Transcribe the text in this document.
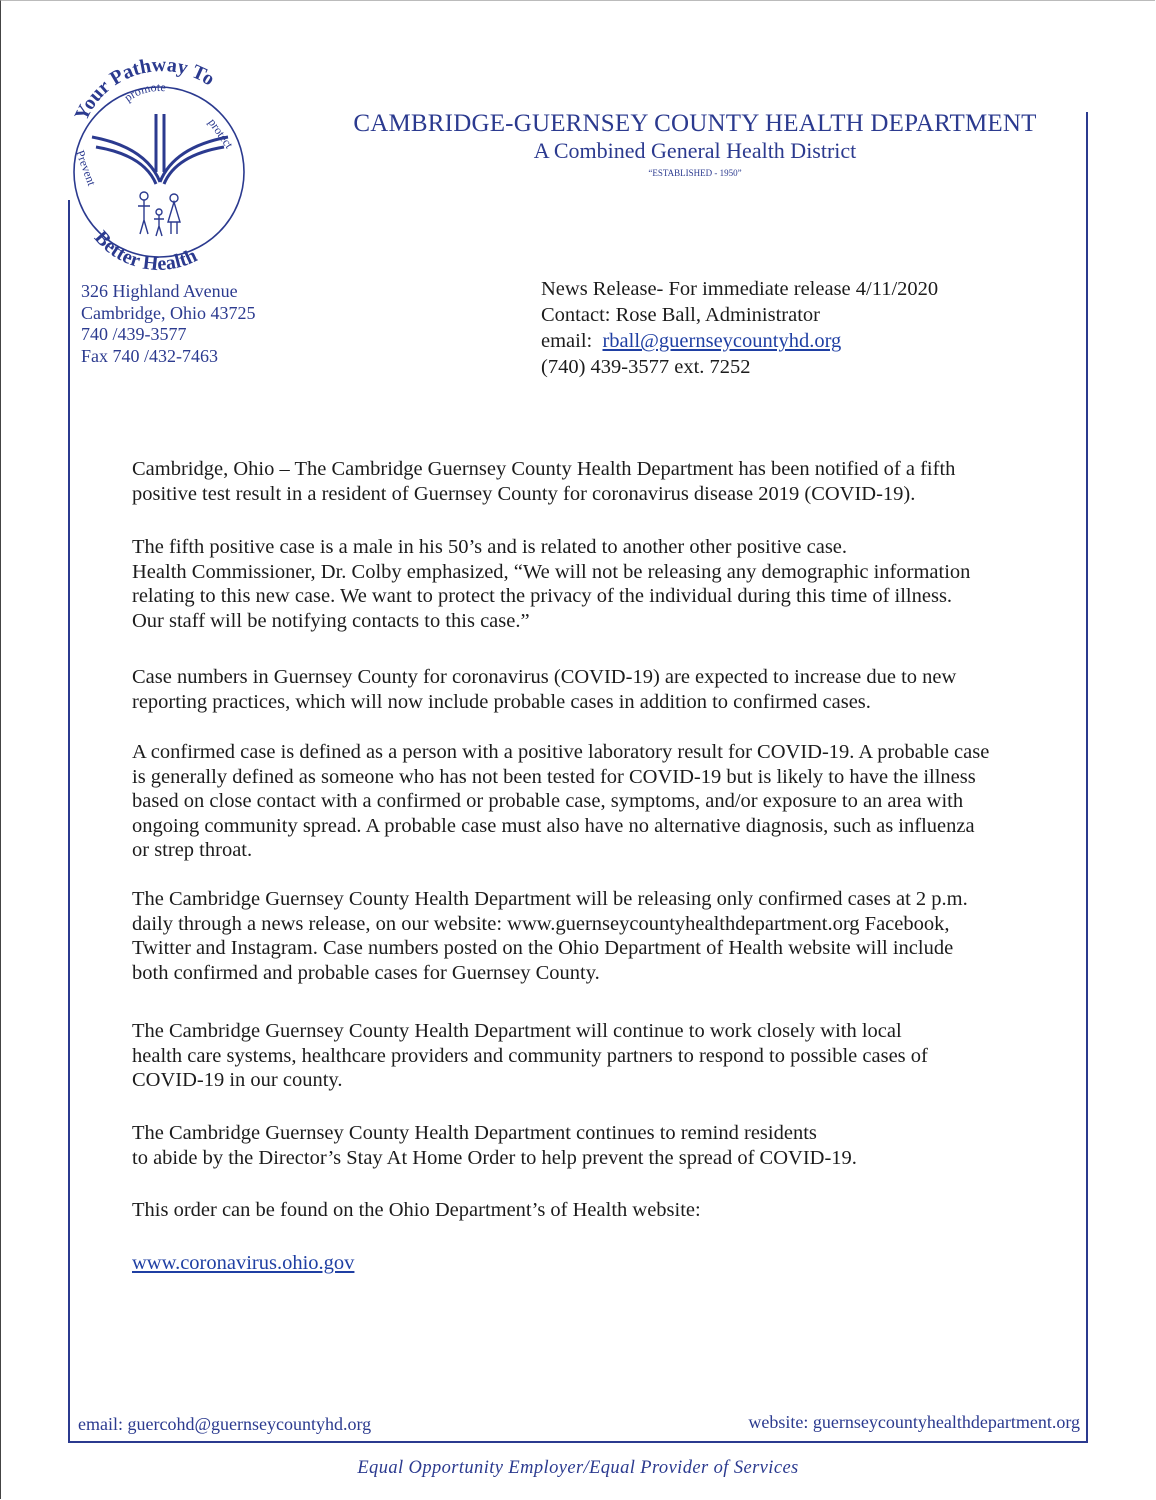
Your Pathway To
promote
Prevent
protect
Better Health
CAMBRIDGE-GUERNSEY COUNTY HEALTH DEPARTMENT
A Combined General Health District
“ESTABLISHED - 1950”
326 Highland Avenue
Cambridge, Ohio 43725
740 /439-3577
Fax 740 /432-7463
News Release- For immediate release 4/11/2020
Contact: Rose Ball, Administrator
email:  rball@guernseycountyhd.org
(740) 439-3577 ext. 7252

Cambridge, Ohio – The Cambridge Guernsey County Health Department has been notified of a fifth
positive test result in a resident of Guernsey County for coronavirus disease 2019 (COVID-19).

The fifth positive case is a male in his 50’s and is related to another other positive case.
Health Commissioner, Dr. Colby emphasized, “We will not be releasing any demographic information
relating to this new case. We want to protect the privacy of the individual during this time of illness.
Our staff will be notifying contacts to this case.”

Case numbers in Guernsey County for coronavirus (COVID-19) are expected to increase due to new
reporting practices, which will now include probable cases in addition to confirmed cases.

A confirmed case is defined as a person with a positive laboratory result for COVID-19. A probable case
is generally defined as someone who has not been tested for COVID-19 but is likely to have the illness
based on close contact with a confirmed or probable case, symptoms, and/or exposure to an area with
ongoing community spread. A probable case must also have no alternative diagnosis, such as influenza
or strep throat.

The Cambridge Guernsey County Health Department will be releasing only confirmed cases at 2 p.m.
daily through a news release, on our website: www.guernseycountyhealthdepartment.org Facebook,
Twitter and Instagram. Case numbers posted on the Ohio Department of Health website will include
both confirmed and probable cases for Guernsey County.

The Cambridge Guernsey County Health Department will continue to work closely with local
health care systems, healthcare providers and community partners to respond to possible cases of
COVID-19 in our county.

The Cambridge Guernsey County Health Department continues to remind residents
to abide by the Director’s Stay At Home Order to help prevent the spread of COVID-19.

This order can be found on the Ohio Department’s of Health website:

www.coronavirus.ohio.gov

email: guercohd@guernseycountyhd.org	website: guernseycountyhealthdepartment.org
Equal Opportunity Employer/Equal Provider of Services
